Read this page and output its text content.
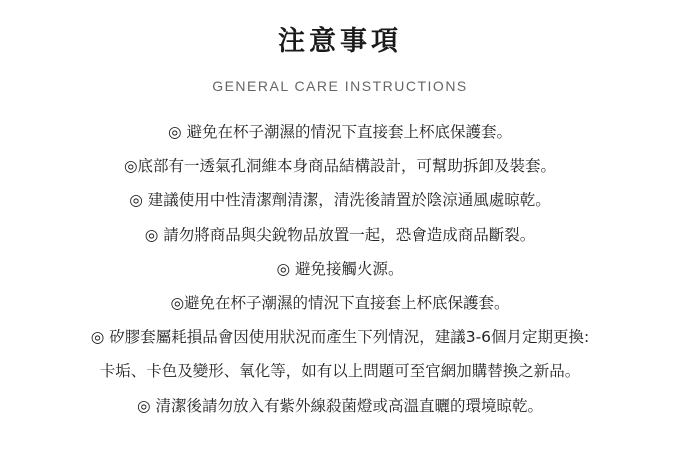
注意事項
GENERAL CARE INSTRUCTIONS
◎ 避免在杯子潮濕的情況下直接套上杯底保護套。
◎底部有一透氣孔洞維本身商品結構設計，可幫助拆卸及裝套。
◎ 建議使用中性清潔劑清潔，清洗後請置於陰涼通風處晾乾。
◎ 請勿將商品與尖銳物品放置一起，恐會造成商品斷裂。
◎ 避免接觸火源。
◎避免在杯子潮濕的情況下直接套上杯底保護套。
◎ 矽膠套屬耗損品會因使用狀況而產生下列情況，建議3-6個月定期更換:
卡垢、卡色及變形、氧化等，如有以上問題可至官網加購替換之新品。
◎ 清潔後請勿放入有紫外線殺菌燈或高溫直曬的環境晾乾。
